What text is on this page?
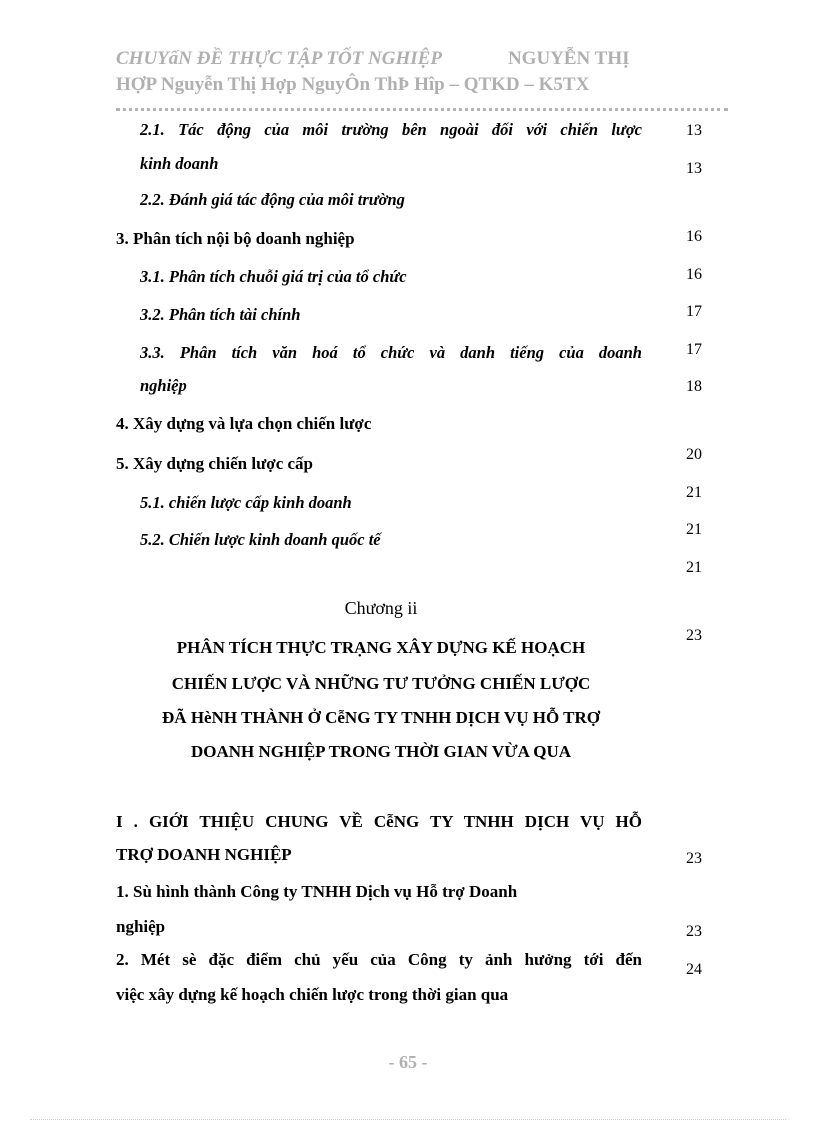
CHUYấN ĐỀ THỰC TẬP TỐT NGHIỆP	NGUYỄN THỊ
HỢP Nguyễn Thị Hợp NguyÔn ThÞ Hîp – QTKD – K5TX
2.1. Tác động của môi trường bên ngoài đối với chiến lược
kinh doanh
2.2. Đánh giá tác động của môi trường
3. Phân tích nội bộ doanh nghiệp
3.1. Phân tích chuỗi giá trị của tổ chức
3.2. Phân tích tài chính
3.3. Phân tích văn hoá tổ chức và danh tiếng của doanh
nghiệp
4. Xây dựng và lựa chọn chiến lược
5. Xây dựng chiến lược cấp
5.1. chiến lược cấp kinh doanh
5.2. Chiến lược kinh doanh quốc tế
Chương ii
PHÂN TÍCH THỰC TRẠNG XÂY DỰNG KẾ HOẠCH
CHIẾN LƯỢC VÀ NHỮNG TƯ TƯỞNG CHIẾN LƯỢC
ĐÃ HèNH THÀNH Ở CễNG TY TNHH DỊCH VỤ HỖ TRỢ
DOANH NGHIỆP TRONG THỜI GIAN VỪA QUA
I . GIỚI THIỆU CHUNG VỀ CễNG TY TNHH DỊCH VỤ HỖ
TRỢ DOANH NGHIỆP
1. Sù hình thành Công ty TNHH Dịch vụ Hỗ trợ Doanh
nghiệp
2. Mét sè đặc điểm chủ yếu của Công ty ảnh hưởng tới đến
việc xây dựng kế hoạch chiến lược trong thời gian qua
13
13
16
16
17
17
18
20
21
21
21
23
23
23
24
- 65 -
